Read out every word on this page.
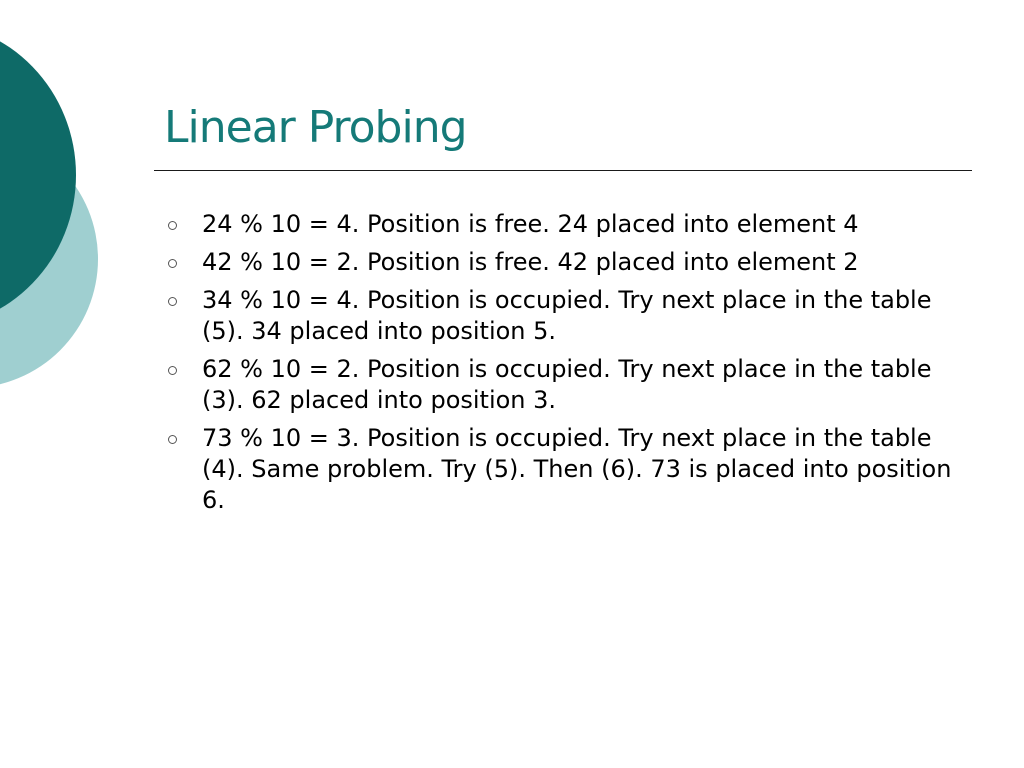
Linear Probing
24 % 10 = 4. Position is free. 24 placed into element 4
42 % 10 = 2. Position is free. 42 placed into element 2
34 % 10 = 4. Position is occupied. Try next place in the table (5). 34 placed into position 5.
62 % 10 = 2. Position is occupied. Try next place in the table (3). 62 placed into position 3.
73 % 10 = 3. Position is occupied. Try next place in the table (4). Same problem. Try (5). Then (6). 73 is placed into position 6.
